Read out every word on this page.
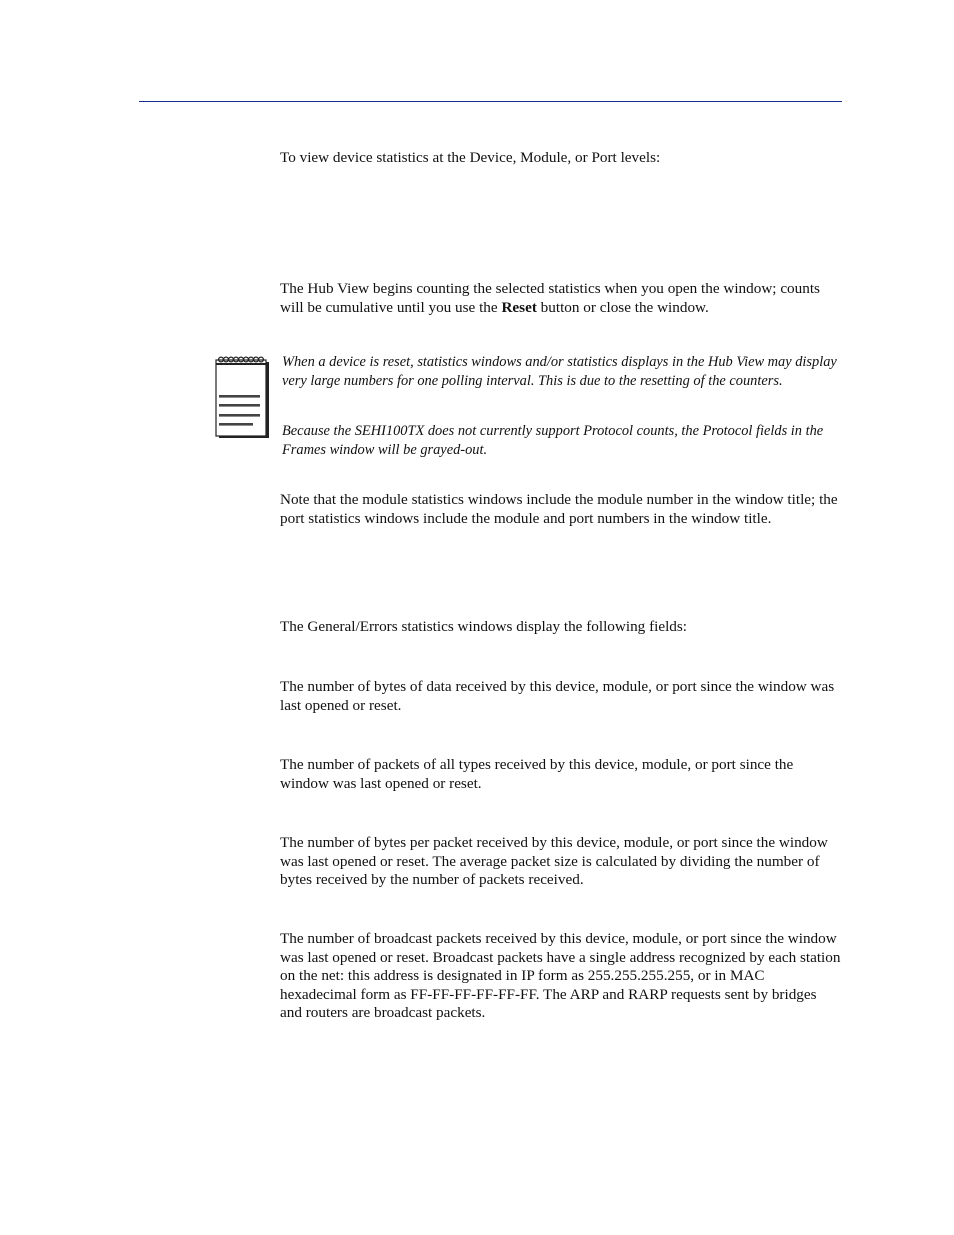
To view device statistics at the Device, Module, or Port levels:

The Hub View begins counting the selected statistics when you open the window; counts will be cumulative until you use the Reset button or close the window.

When a device is reset, statistics windows and/or statistics displays in the Hub View may display very large numbers for one polling interval. This is due to the resetting of the counters.

Because the SEHI100TX does not currently support Protocol counts, the Protocol fields in the Frames window will be grayed-out.

Note that the module statistics windows include the module number in the window title; the port statistics windows include the module and port numbers in the window title.

The General/Errors statistics windows display the following fields:

The number of bytes of data received by this device, module, or port since the window was last opened or reset.

The number of packets of all types received by this device, module, or port since the window was last opened or reset.

The number of bytes per packet received by this device, module, or port since the window was last opened or reset. The average packet size is calculated by dividing the number of bytes received by the number of packets received.

The number of broadcast packets received by this device, module, or port since the window was last opened or reset. Broadcast packets have a single address recognized by each station on the net: this address is designated in IP form as 255.255.255.255, or in MAC hexadecimal form as FF-FF-FF-FF-FF-FF. The ARP and RARP requests sent by bridges and routers are broadcast packets.
